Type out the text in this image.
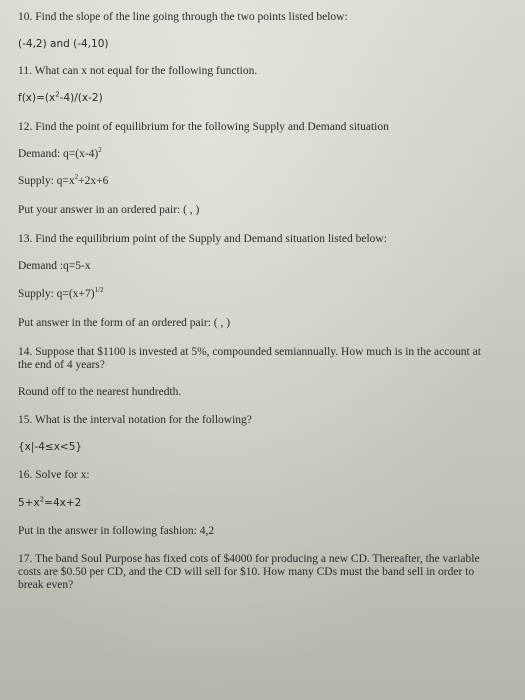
10. Find the slope of the line going through the two points listed below:
(-4,2) and (-4,10)
11. What can x not equal for the following function.
$f(x)=(x^2-4)/(x-2)$
12. Find the point of equilibrium for the following Supply and Demand situation
Demand: $q=(x-4)^2$
Supply: $q=x^2+2x+6$
Put your answer in an ordered pair: ( , )
13. Find the equilibrium point of the Supply and Demand situation listed below:
Demand :q=5-x
Supply: $q=(x+7)^{1/2}$
Put answer in the form of an ordered pair: ( , )
14. Suppose that $1100 is invested at 5%, compounded semiannually. How much is in the account at the end of 4 years?
Round off to the nearest hundredth.
15. What is the interval notation for the following?
{x|-4≤x<5}
16. Solve for x:
$5+x^2=4x+2$
Put in the answer in following fashion: 4,2
17. The band Soul Purpose has fixed cots of $4000 for producing a new CD. Thereafter, the variable costs are $0.50 per CD, and the CD will sell for $10. How many CDs must the band sell in order to break even?
